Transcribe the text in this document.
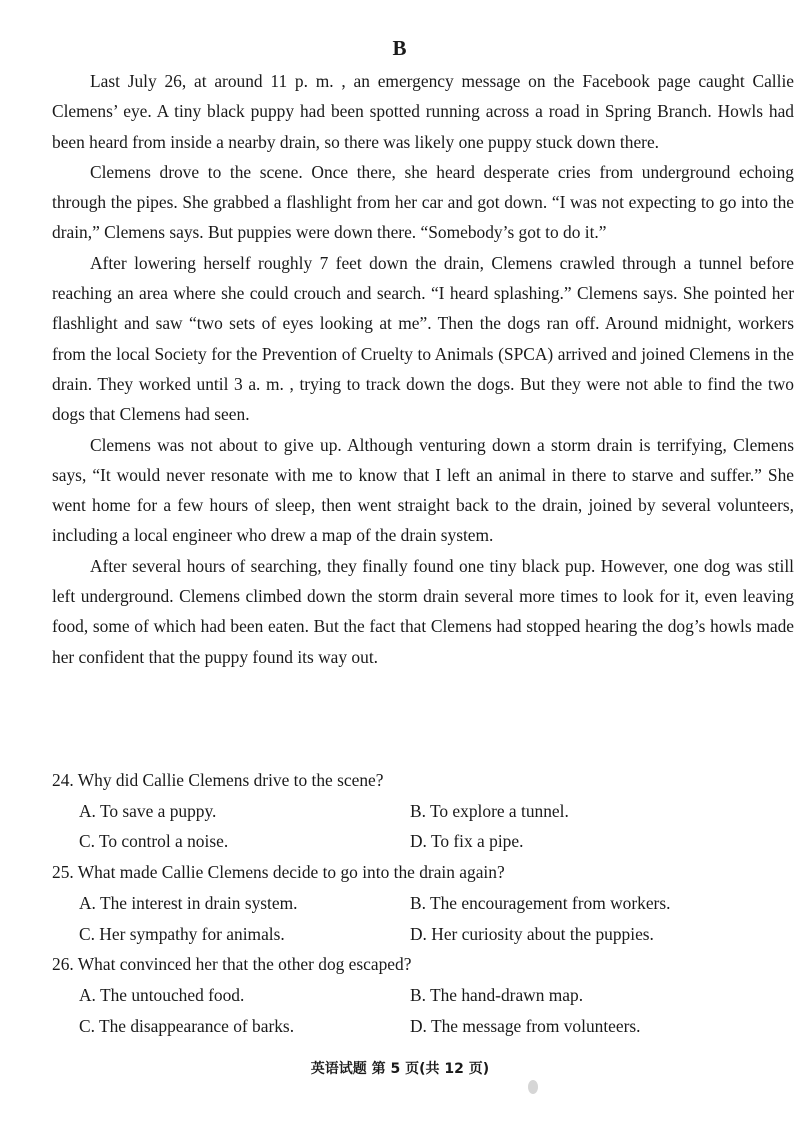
B

Last July 26, at around 11 p. m. , an emergency message on the Facebook page caught Callie Clemens’ eye. A tiny black puppy had been spotted running across a road in Spring Branch. Howls had been heard from inside a nearby drain, so there was likely one puppy stuck down there.

Clemens drove to the scene. Once there, she heard desperate cries from underground echoing through the pipes. She grabbed a flashlight from her car and got down. “I was not expecting to go into the drain,” Clemens says. But puppies were down there. “Somebody’s got to do it.”

After lowering herself roughly 7 feet down the drain, Clemens crawled through a tunnel before reaching an area where she could crouch and search. “I heard splashing.” Clemens says. She pointed her flashlight and saw “two sets of eyes looking at me”. Then the dogs ran off. Around midnight, workers from the local Society for the Prevention of Cruelty to Animals (SPCA) arrived and joined Clemens in the drain. They worked until 3 a. m. , trying to track down the dogs. But they were not able to find the two dogs that Clemens had seen.

Clemens was not about to give up. Although venturing down a storm drain is terrifying, Clemens says, “It would never resonate with me to know that I left an animal in there to starve and suffer.” She went home for a few hours of sleep, then went straight back to the drain, joined by several volunteers, including a local engineer who drew a map of the drain system.

After several hours of searching, they finally found one tiny black pup. However, one dog was still left underground. Clemens climbed down the storm drain several more times to look for it, even leaving food, some of which had been eaten. But the fact that Clemens had stopped hearing the dog’s howls made her confident that the puppy found its way out.

24. Why did Callie Clemens drive to the scene?

A. To save a puppy.	B. To explore a tunnel.
C. To control a noise.	D. To fix a pipe.

25. What made Callie Clemens decide to go into the drain again?

A. The interest in drain system.	B. The encouragement from workers.
C. Her sympathy for animals.	D. Her curiosity about the puppies.

26. What convinced her that the other dog escaped?

A. The untouched food.	B. The hand-drawn map.
C. The disappearance of barks.	D. The message from volunteers.
英语试题 第 5 页(共 12 页)
